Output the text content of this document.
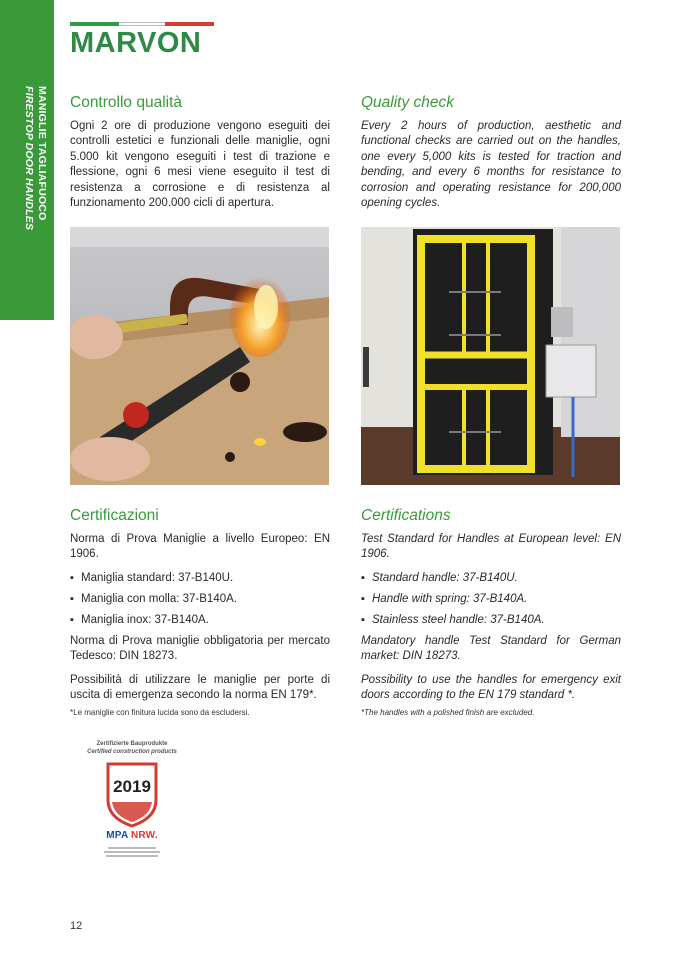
MANIGLIE TAGLIAFUOCO
FIRESTOP DOOR HANDLES
MARVON
Controllo qualità
Ogni 2 ore di produzione vengono eseguiti dei controlli estetici e funzionali delle maniglie, ogni 5.000 kit vengono eseguiti i test di trazione e flessione, ogni 6 mesi viene eseguito il test di resistenza a corrosione e di resistenza al funzionamento 200.000 cicli di apertura.
Quality check
Every 2 hours of production, aesthetic and functional checks are carried out on the handles, one every 5,000 kits is tested for traction and bending, and every 6 months for resistance to corrosion and operating resistance for 200,000 opening cycles.
Certificazioni
Norma di Prova Maniglie a livello Europeo: EN 1906.
▪ Maniglia standard: 37-B140U.
▪ Maniglia con molla: 37-B140A.
▪ Maniglia inox: 37-B140A.
Norma di Prova maniglie obbligatoria per mercato Tedesco: DIN 18273.
Possibilità di utilizzare le maniglie per porte di uscita di emergenza secondo la norma EN 179*.
*Le maniglie con finitura lucida sono da escludersi.
Certifications
Test Standard for Handles at European level: EN 1906.
▪ Standard handle: 37-B140U.
▪ Handle with spring: 37-B140A.
▪ Stainless steel handle: 37-B140A.
Mandatory handle Test Standard for German market: DIN 18273.
Possibility to use the handles for emergency exit doors according to the EN 179 standard *.
*The handles with a polished finish are excluded.
Zertifizierte Bauprodukte
Certified construction products
2019
MPA NRW.
12
